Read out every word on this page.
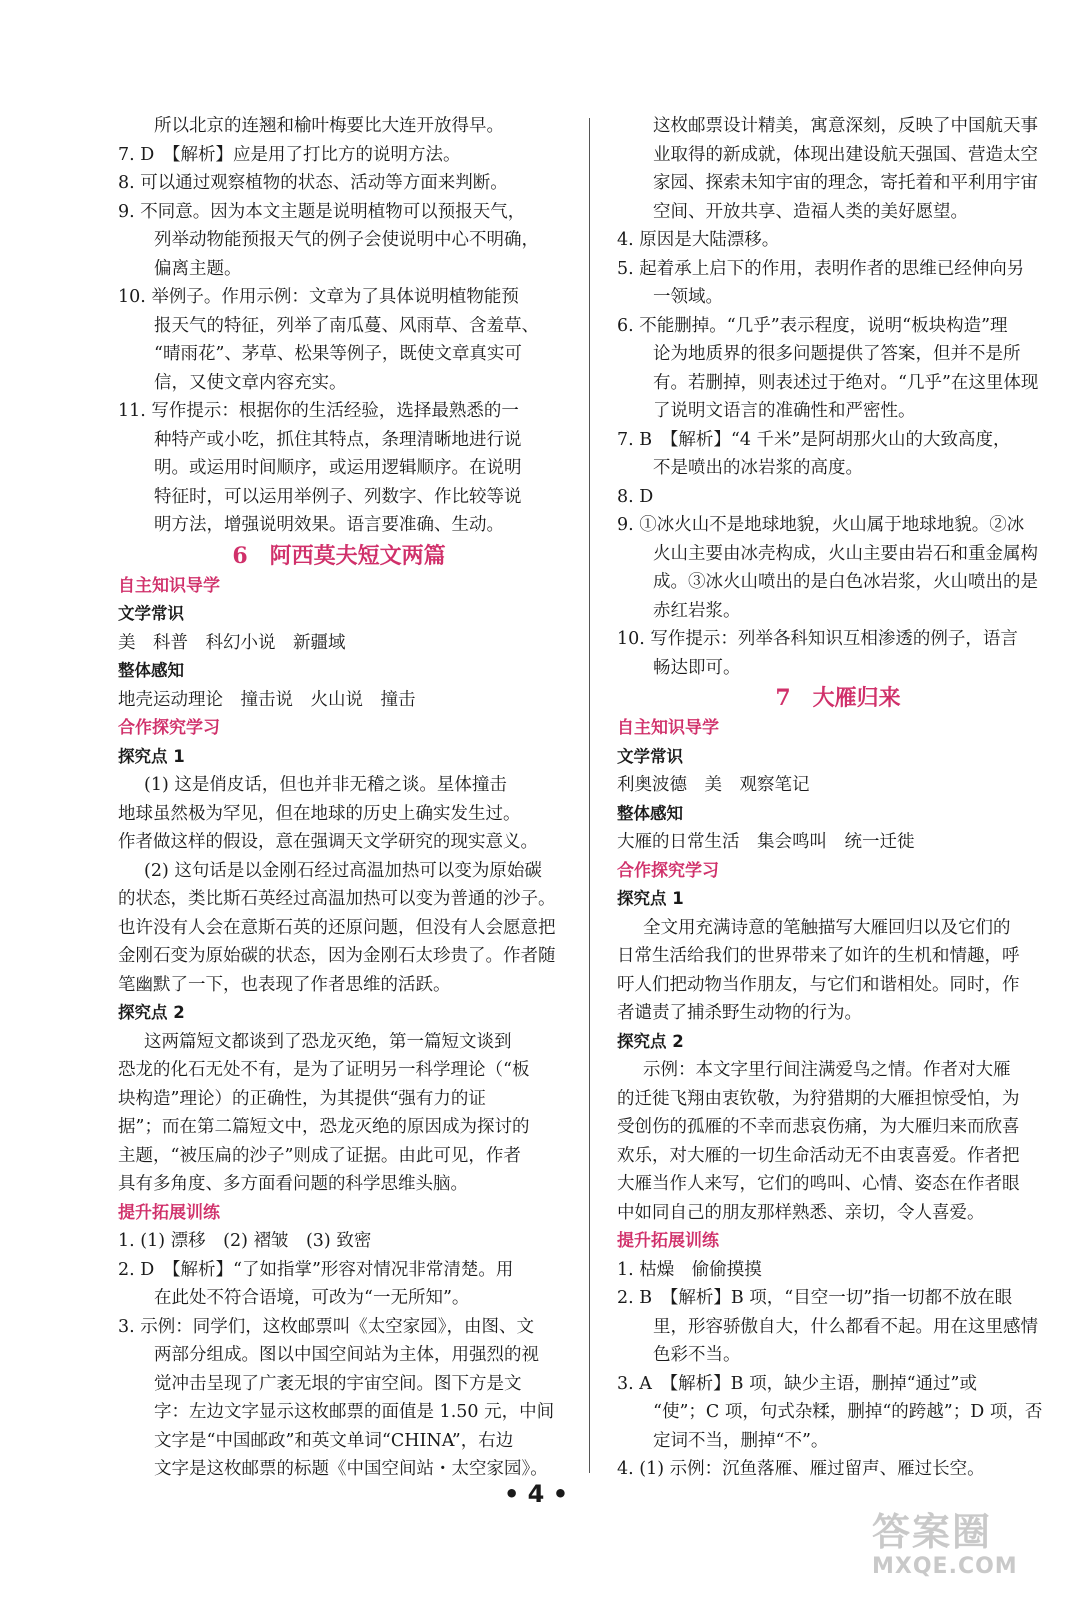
所以北京的连翘和榆叶梅要比大连开放得早。
7. D　【解析】应是用了打比方的说明方法。
8. 可以通过观察植物的状态、活动等方面来判断。
9. 不同意。因为本文主题是说明植物可以预报天气，
列举动物能预报天气的例子会使说明中心不明确，
偏离主题。
10. 举例子。作用示例：文章为了具体说明植物能预
报天气的特征，列举了南瓜蔓、风雨草、含羞草、
“晴雨花”、茅草、松果等例子，既使文章真实可
信，又使文章内容充实。
11. 写作提示：根据你的生活经验，选择最熟悉的一
种特产或小吃，抓住其特点，条理清晰地进行说
明。或运用时间顺序，或运用逻辑顺序。在说明
特征时，可以运用举例子、列数字、作比较等说
明方法，增强说明效果。语言要准确、生动。
6　阿西莫夫短文两篇
自主知识导学
文学常识
美　科普　科幻小说　新疆域
整体感知
地壳运动理论　撞击说　火山说　撞击
合作探究学习
探究点 1
(1) 这是俏皮话，但也并非无稽之谈。星体撞击
地球虽然极为罕见，但在地球的历史上确实发生过。
作者做这样的假设，意在强调天文学研究的现实意义。
(2) 这句话是以金刚石经过高温加热可以变为原始碳
的状态，类比斯石英经过高温加热可以变为普通的沙子。
也许没有人会在意斯石英的还原问题，但没有人会愿意把
金刚石变为原始碳的状态，因为金刚石太珍贵了。作者随
笔幽默了一下，也表现了作者思维的活跃。
探究点 2
这两篇短文都谈到了恐龙灭绝，第一篇短文谈到
恐龙的化石无处不有，是为了证明另一科学理论（“板
块构造”理论）的正确性，为其提供“强有力的证
据”；而在第二篇短文中，恐龙灭绝的原因成为探讨的
主题，“被压扁的沙子”则成了证据。由此可见，作者
具有多角度、多方面看问题的科学思维头脑。
提升拓展训练
1. (1) 漂移　(2) 褶皱　(3) 致密
2. D　【解析】“了如指掌”形容对情况非常清楚。用
在此处不符合语境，可改为“一无所知”。
3. 示例：同学们，这枚邮票叫《太空家园》，由图、文
两部分组成。图以中国空间站为主体，用强烈的视
觉冲击呈现了广袤无垠的宇宙空间。图下方是文
字：左边文字显示这枚邮票的面值是 1.50 元，中间
文字是“中国邮政”和英文单词“CHINA”，右边
文字是这枚邮票的标题《中国空间站・太空家园》。
这枚邮票设计精美，寓意深刻，反映了中国航天事
业取得的新成就，体现出建设航天强国、营造太空
家园、探索未知宇宙的理念，寄托着和平利用宇宙
空间、开放共享、造福人类的美好愿望。
4. 原因是大陆漂移。
5. 起着承上启下的作用，表明作者的思维已经伸向另
一领域。
6. 不能删掉。“几乎”表示程度，说明“板块构造”理
论为地质界的很多问题提供了答案，但并不是所
有。若删掉，则表述过于绝对。“几乎”在这里体现
了说明文语言的准确性和严密性。
7. B　【解析】“4 千米”是阿胡那火山的大致高度，
不是喷出的冰岩浆的高度。
8. D
9. ①冰火山不是地球地貌，火山属于地球地貌。②冰
火山主要由冰壳构成，火山主要由岩石和重金属构
成。③冰火山喷出的是白色冰岩浆，火山喷出的是
赤红岩浆。
10. 写作提示：列举各科知识互相渗透的例子，语言
畅达即可。
7　大雁归来
自主知识导学
文学常识
利奥波德　美　观察笔记
整体感知
大雁的日常生活　集会鸣叫　统一迁徙
合作探究学习
探究点 1
全文用充满诗意的笔触描写大雁回归以及它们的
日常生活给我们的世界带来了如许的生机和情趣，呼
吁人们把动物当作朋友，与它们和谐相处。同时，作
者谴责了捕杀野生动物的行为。
探究点 2
示例：本文字里行间注满爱鸟之情。作者对大雁
的迁徙飞翔由衷钦敬，为狩猎期的大雁担惊受怕，为
受创伤的孤雁的不幸而悲哀伤痛，为大雁归来而欣喜
欢乐，对大雁的一切生命活动无不由衷喜爱。作者把
大雁当作人来写，它们的鸣叫、心情、姿态在作者眼
中如同自己的朋友那样熟悉、亲切，令人喜爱。
提升拓展训练
1. 枯燥　偷偷摸摸
2. B　【解析】B 项，“目空一切”指一切都不放在眼
里，形容骄傲自大，什么都看不起。用在这里感情
色彩不当。
3. A　【解析】B 项，缺少主语，删掉“通过”或
“使”；C 项，句式杂糅，删掉“的跨越”；D 项，否
定词不当，删掉“不”。
4. (1) 示例：沉鱼落雁、雁过留声、雁过长空。
• 4 •
答案圈
MXQE.COM
